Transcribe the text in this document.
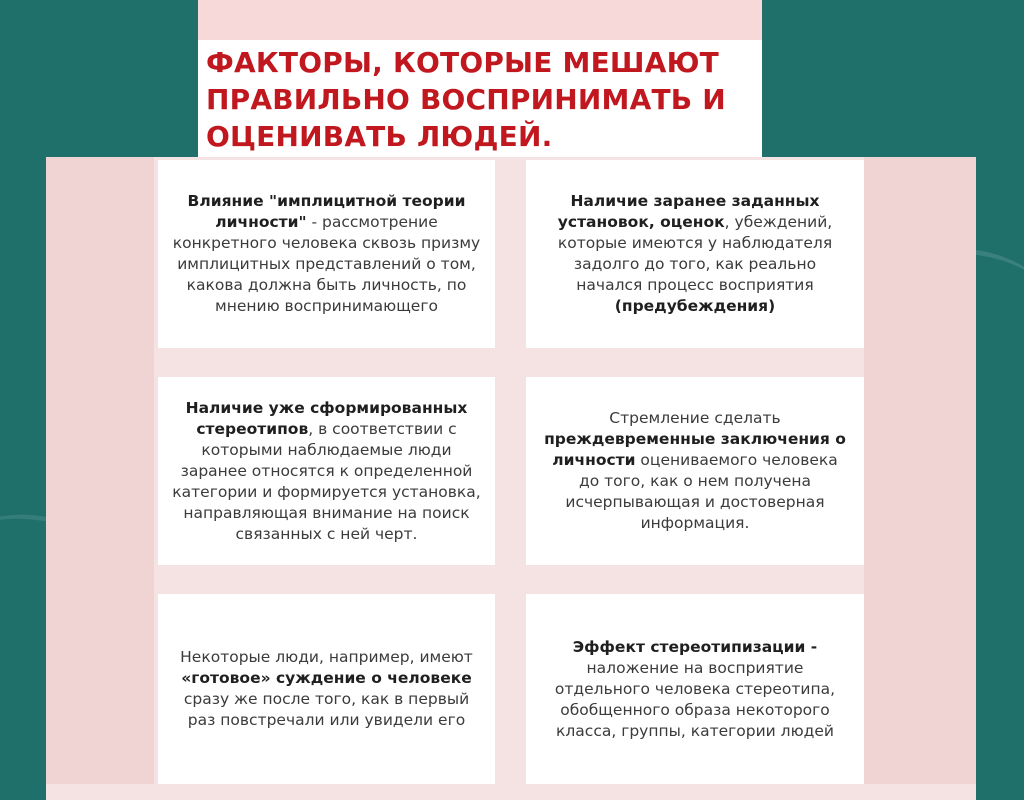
ФАКТОРЫ, КОТОРЫЕ МЕШАЮТ ПРАВИЛЬНО ВОСПРИНИМАТЬ И ОЦЕНИВАТЬ ЛЮДЕЙ.
Влияние "имплицитной теории личности" - рассмотрение конкретного человека сквозь призму имплицитных представлений о том, какова должна быть личность, по мнению воспринимающего
Наличие заранее заданных установок, оценок, убеждений, которые имеются у наблюдателя задолго до того, как реально начался процесс восприятия (предубеждения)
Наличие уже сформированных стереотипов, в соответствии с которыми наблюдаемые люди заранее относятся к определенной категории и формируется установка, направляющая внимание на поиск связанных с ней черт.
Стремление сделать преждевременные заключения о личности оцениваемого человека до того, как о нем получена исчерпывающая и достоверная информация.
Некоторые люди, например, имеют «готовое» суждение о человеке сразу же после того, как в первый раз повстречали или увидели его
Эффект стереотипизации - наложение на восприятие отдельного человека стереотипа, обобщенного образа некоторого класса, группы, категории людей
